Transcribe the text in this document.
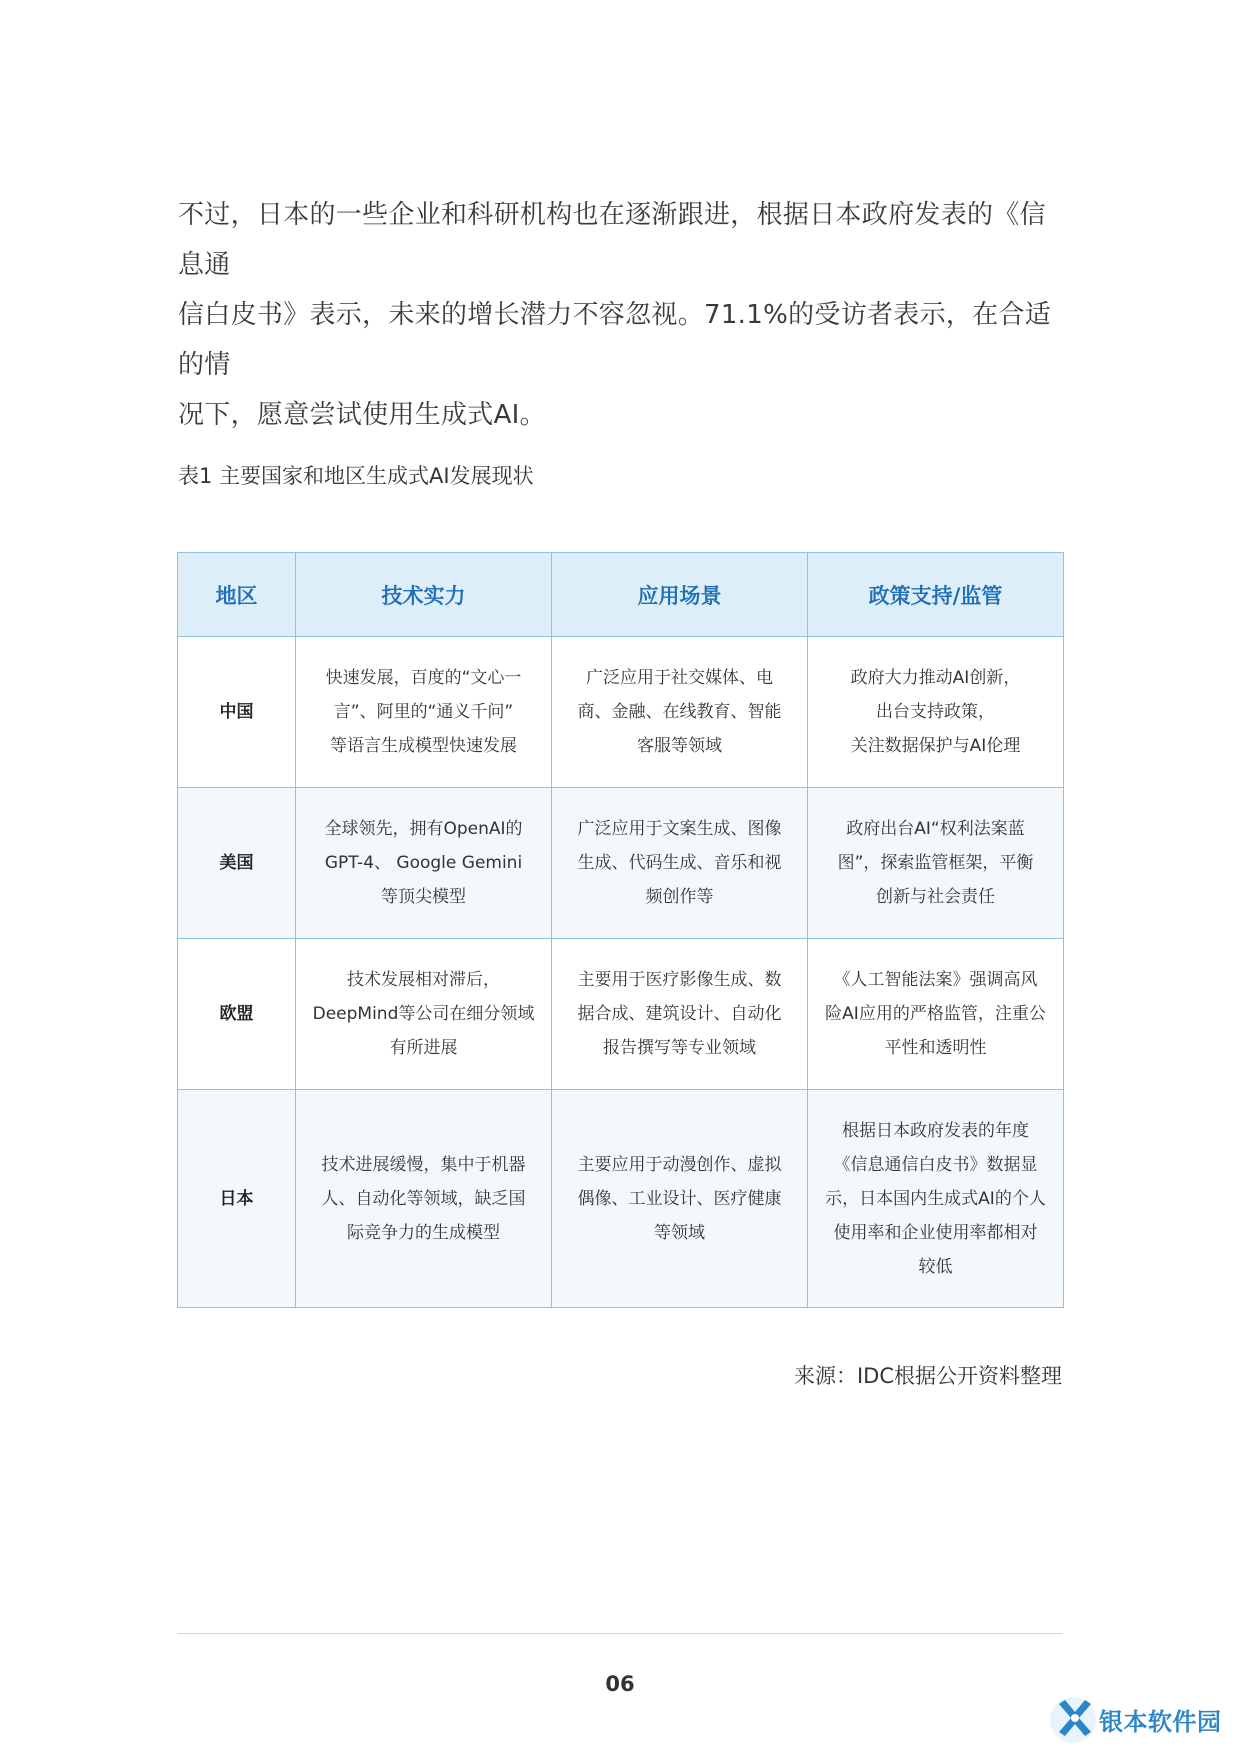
不过，日本的一些企业和科研机构也在逐渐跟进，根据日本政府发表的《信息通
信白皮书》表示，未来的增长潜力不容忽视。71.1%的受访者表示，在合适的情
况下，愿意尝试使用生成式AI。

表1 主要国家和地区生成式AI发展现状

地区	技术实力	应用场景	政策支持/监管
中国	快速发展，百度的“文心一
言”、阿里的“通义千问”
等语言生成模型快速发展	广泛应用于社交媒体、电
商、金融、在线教育、智能
客服等领域	政府大力推动AI创新，
出台支持政策，
关注数据保护与AI伦理
美国	全球领先，拥有OpenAI的
GPT-4、 Google Gemini
等顶尖模型	广泛应用于文案生成、图像
生成、代码生成、音乐和视
频创作等	政府出台AI“权利法案蓝
图”，探索监管框架，平衡
创新与社会责任
欧盟	技术发展相对滞后，
DeepMind等公司在细分领域
有所进展	主要用于医疗影像生成、数
据合成、建筑设计、自动化
报告撰写等专业领域	《人工智能法案》强调高风
险AI应用的严格监管，注重公
平性和透明性
日本	技术进展缓慢，集中于机器
人、自动化等领域，缺乏国
际竞争力的生成模型	主要应用于动漫创作、虚拟
偶像、工业设计、医疗健康
等领域	根据日本政府发表的年度
《信息通信白皮书》数据显
示，日本国内生成式AI的个人
使用率和企业使用率都相对
较低

来源：IDC根据公开资料整理

06
银本软件园
